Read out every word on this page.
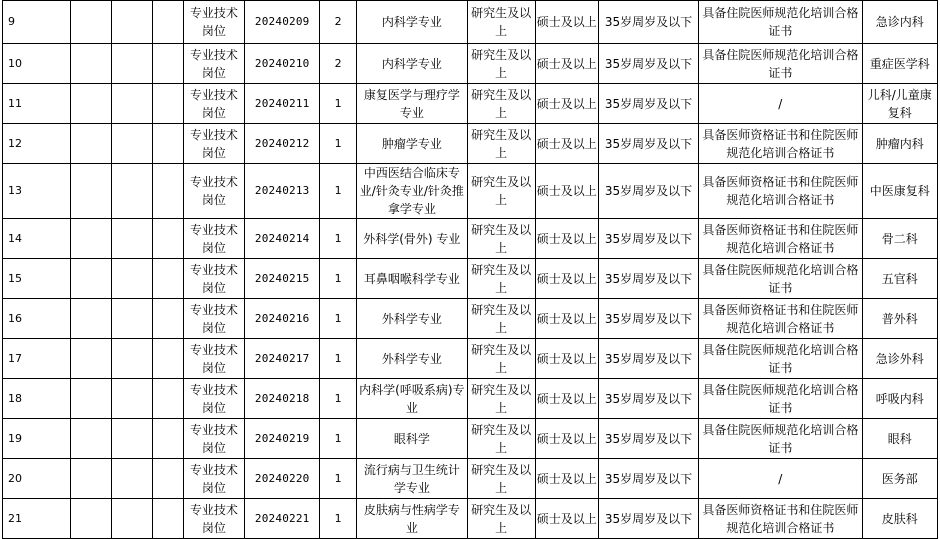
9				专业技术岗位	20240209	2	内科学专业	研究生及以上	硕士及以上	35岁周岁及以下	具备住院医师规范化培训合格证书	急诊内科
10				专业技术岗位	20240210	2	内科学专业	研究生及以上	硕士及以上	35岁周岁及以下	具备住院医师规范化培训合格证书	重症医学科
11				专业技术岗位	20240211	1	康复医学与理疗学专业	研究生及以上	硕士及以上	35岁周岁及以下	/	儿科/儿童康复科
12				专业技术岗位	20240212	1	肿瘤学专业	研究生及以上	硕士及以上	35岁周岁及以下	具备医师资格证书和住院医师规范化培训合格证书	肿瘤内科
13				专业技术岗位	20240213	1	中西医结合临床专业/针灸专业/针灸推拿学专业	研究生及以上	硕士及以上	35岁周岁及以下	具备医师资格证书和住院医师规范化培训合格证书	中医康复科
14				专业技术岗位	20240214	1	外科学(骨外) 专业	研究生及以上	硕士及以上	35岁周岁及以下	具备医师资格证书和住院医师规范化培训合格证书	骨二科
15				专业技术岗位	20240215	1	耳鼻咽喉科学专业	研究生及以上	硕士及以上	35岁周岁及以下	具备住院医师规范化培训合格证书	五官科
16				专业技术岗位	20240216	1	外科学专业	研究生及以上	硕士及以上	35岁周岁及以下	具备医师资格证书和住院医师规范化培训合格证书	普外科
17				专业技术岗位	20240217	1	外科学专业	研究生及以上	硕士及以上	35岁周岁及以下	具备住院医师规范化培训合格证书	急诊外科
18				专业技术岗位	20240218	1	内科学(呼吸系病)专业	研究生及以上	硕士及以上	35岁周岁及以下	具备住院医师规范化培训合格证书	呼吸内科
19				专业技术岗位	20240219	1	眼科学	研究生及以上	硕士及以上	35岁周岁及以下	具备住院医师规范化培训合格证书	眼科
20				专业技术岗位	20240220	1	流行病与卫生统计学专业	研究生及以上	硕士及以上	35岁周岁及以下	/	医务部
21				专业技术岗位	20240221	1	皮肤病与性病学专业	研究生及以上	硕士及以上	35岁周岁及以下	具备医师资格证书和住院医师规范化培训合格证书	皮肤科
